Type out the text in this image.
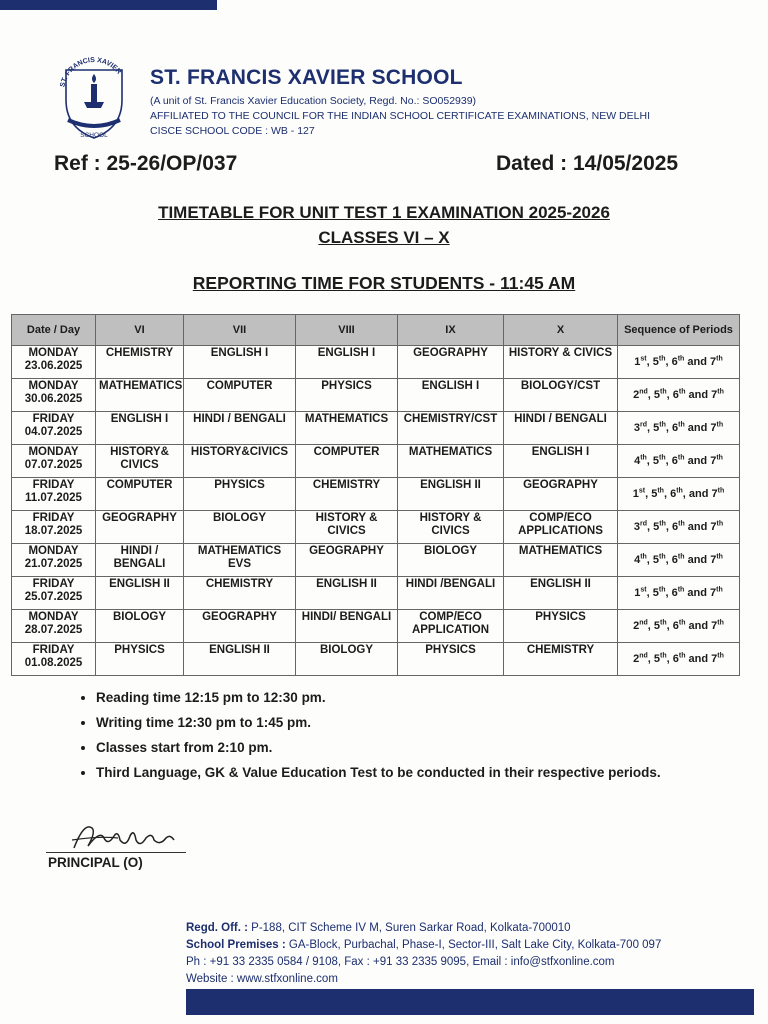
ST. FRANCIS XAVIER
SCHOOL
ST. FRANCIS XAVIER SCHOOL
(A unit of St. Francis Xavier Education Society, Regd. No.: SO052939)
AFFILIATED TO THE COUNCIL FOR THE INDIAN SCHOOL CERTIFICATE EXAMINATIONS, NEW DELHI
CISCE SCHOOL CODE : WB - 127
Ref : 25-26/OP/037	Dated : 14/05/2025
TIMETABLE FOR UNIT TEST 1 EXAMINATION 2025-2026
CLASSES VI – X
REPORTING TIME FOR STUDENTS - 11:45 AM
Date / Day	VI	VII	VIII	IX	X	Sequence of Periods

MONDAY
23.06.2025	CHEMISTRY	ENGLISH I	ENGLISH I	GEOGRAPHY	HISTORY & CIVICS	1st, 5th, 6th and 7th

MONDAY
30.06.2025	MATHEMATICS	COMPUTER	PHYSICS	ENGLISH I	BIOLOGY/CST	2nd, 5th, 6th and 7th

FRIDAY
04.07.2025	ENGLISH I	HINDI / BENGALI	MATHEMATICS	CHEMISTRY/CST	HINDI / BENGALI	3rd, 5th, 6th and 7th

MONDAY
07.07.2025	HISTORY& CIVICS	HISTORY&CIVICS	COMPUTER	MATHEMATICS	ENGLISH I	4th, 5th, 6th and 7th

FRIDAY
11.07.2025	COMPUTER	PHYSICS	CHEMISTRY	ENGLISH II	GEOGRAPHY	1st, 5th, 6th, and 7th

FRIDAY
18.07.2025	GEOGRAPHY	BIOLOGY	HISTORY & CIVICS	HISTORY & CIVICS	COMP/ECO APPLICATIONS	3rd, 5th, 6th and 7th

MONDAY
21.07.2025	HINDI / BENGALI	MATHEMATICS EVS	GEOGRAPHY	BIOLOGY	MATHEMATICS	4th, 5th, 6th and 7th

FRIDAY
25.07.2025	ENGLISH II	CHEMISTRY	ENGLISH II	HINDI /BENGALI	ENGLISH II	1st, 5th, 6th and 7th

MONDAY
28.07.2025	BIOLOGY	GEOGRAPHY	HINDI/ BENGALI	COMP/ECO APPLICATION	PHYSICS	2nd, 5th, 6th and 7th

FRIDAY
01.08.2025	PHYSICS	ENGLISH II	BIOLOGY	PHYSICS	CHEMISTRY	2nd, 5th, 6th and 7th
• Reading time 12:15 pm to 12:30 pm.
• Writing time 12:30 pm to 1:45 pm.
• Classes start from 2:10 pm.
• Third Language, GK & Value Education Test to be conducted in their respective periods.
PRINCIPAL (O)
Regd. Off. : P-188, CIT Scheme IV M, Suren Sarkar Road, Kolkata-700010
School Premises : GA-Block, Purbachal, Phase-I, Sector-III, Salt Lake City, Kolkata-700 097
Ph : +91 33 2335 0584 / 9108, Fax : +91 33 2335 9095, Email : info@stfxonline.com
Website : www.stfxonline.com
